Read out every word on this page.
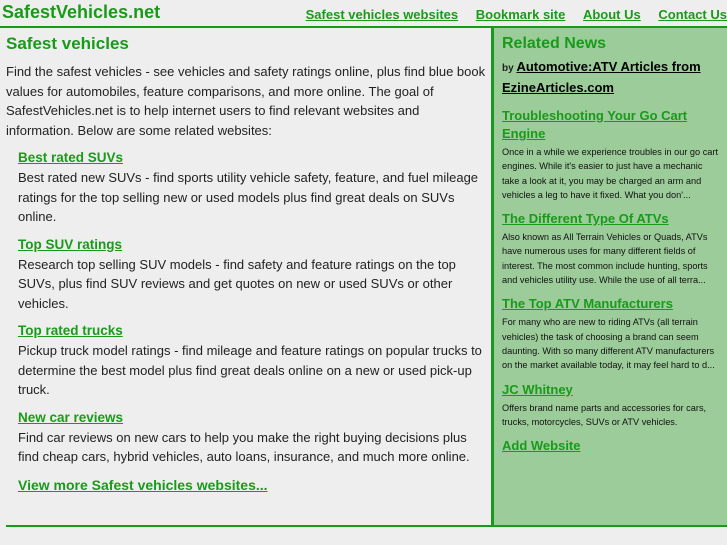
SafestVehicles.net	Safest vehicles websites Bookmark site About Us Contact Us
Safest vehicles

Find the safest vehicles - see vehicles and safety ratings online, plus find blue book values for automobiles, feature comparisons, and more online. The goal of SafestVehicles.net is to help internet users to find relevant websites and information. Below are some related websites:

Best rated SUVs

Best rated new SUVs - find sports utility vehicle safety, feature, and fuel mileage ratings for the top selling new or used models plus find great deals on SUVs online.

Top SUV ratings

Research top selling SUV models - find safety and feature ratings on the top SUVs, plus find SUV reviews and get quotes on new or used SUVs or other vehicles.

Top rated trucks

Pickup truck model ratings - find mileage and feature ratings on popular trucks to determine the best model plus find great deals online on a new or used pick-up truck.

New car reviews

Find car reviews on new cars to help you make the right buying decisions plus find cheap cars, hybrid vehicles, auto loans, insurance, and much more online.

View more Safest vehicles websites...
Related News
by Automotive:ATV Articles from EzineArticles.com
Troubleshooting Your Go Cart Engine

Once in a while we experience troubles in our go cart engines. While it's easier to just have a mechanic take a look at it, you may be charged an arm and vehicles a leg to have it fixed. What you don'...

The Different Type Of ATVs

Also known as All Terrain Vehicles or Quads, ATVs have numerous uses for many different fields of interest. The most common include hunting, sports and vehicles utility use. While the use of all terra...

The Top ATV Manufacturers

For many who are new to riding ATVs (all terrain vehicles) the task of choosing a brand can seem daunting. With so many different ATV manufacturers on the market available today, it may feel hard to d...

JC Whitney

Offers brand name parts and accessories for cars, trucks, motorcycles, SUVs or ATV vehicles.

Add Website
